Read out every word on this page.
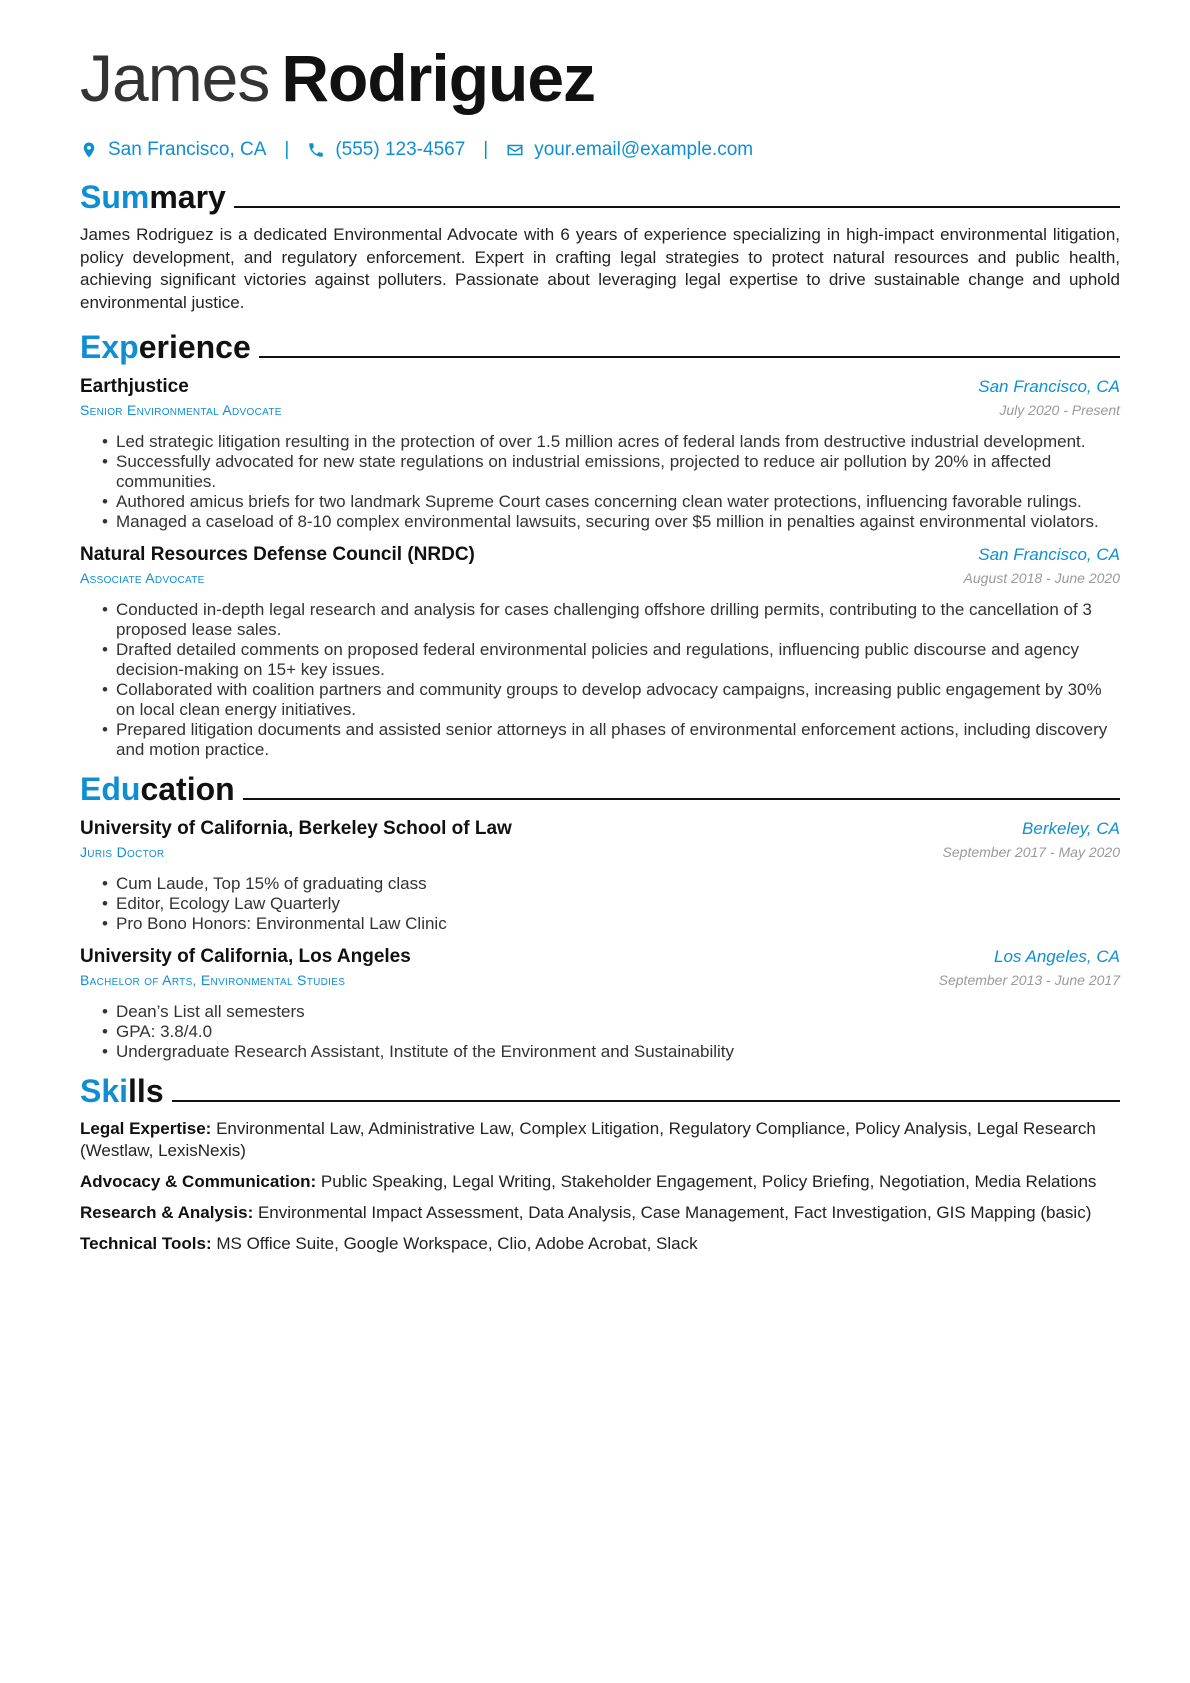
James Rodriguez
San Francisco, CA | (555) 123-4567 | your.email@example.com
Summary

James Rodriguez is a dedicated Environmental Advocate with 6 years of experience specializing in high-impact environmental litigation, policy development, and regulatory enforcement. Expert in crafting legal strategies to protect natural resources and public health, achieving significant victories against polluters. Passionate about leveraging legal expertise to drive sustainable change and uphold environmental justice.

Experience
Earthjustice	San Francisco, CA
Senior Environmental Advocate	July 2020 - Present
• Led strategic litigation resulting in the protection of over 1.5 million acres of federal lands from destructive industrial development.
• Successfully advocated for new state regulations on industrial emissions, projected to reduce air pollution by 20% in affected communities.
• Authored amicus briefs for two landmark Supreme Court cases concerning clean water protections, influencing favorable rulings.
• Managed a caseload of 8-10 complex environmental lawsuits, securing over $5 million in penalties against environmental violators.
Natural Resources Defense Council (NRDC)	San Francisco, CA
Associate Advocate	August 2018 - June 2020
• Conducted in-depth legal research and analysis for cases challenging offshore drilling permits, contributing to the cancellation of 3 proposed lease sales.
• Drafted detailed comments on proposed federal environmental policies and regulations, influencing public discourse and agency decision-making on 15+ key issues.
• Collaborated with coalition partners and community groups to develop advocacy campaigns, increasing public engagement by 30% on local clean energy initiatives.
• Prepared litigation documents and assisted senior attorneys in all phases of environmental enforcement actions, including discovery and motion practice.
Education
University of California, Berkeley School of Law	Berkeley, CA
Juris Doctor	September 2017 - May 2020
• Cum Laude, Top 15% of graduating class
• Editor, Ecology Law Quarterly
• Pro Bono Honors: Environmental Law Clinic
University of California, Los Angeles	Los Angeles, CA
Bachelor of Arts, Environmental Studies	September 2013 - June 2017
• Dean’s List all semesters
• GPA: 3.8/4.0
• Undergraduate Research Assistant, Institute of the Environment and Sustainability
Skills
Legal Expertise: Environmental Law, Administrative Law, Complex Litigation, Regulatory Compliance, Policy Analysis, Legal Research (Westlaw, LexisNexis)
Advocacy & Communication: Public Speaking, Legal Writing, Stakeholder Engagement, Policy Briefing, Negotiation, Media Relations
Research & Analysis: Environmental Impact Assessment, Data Analysis, Case Management, Fact Investigation, GIS Mapping (basic)
Technical Tools: MS Office Suite, Google Workspace, Clio, Adobe Acrobat, Slack
